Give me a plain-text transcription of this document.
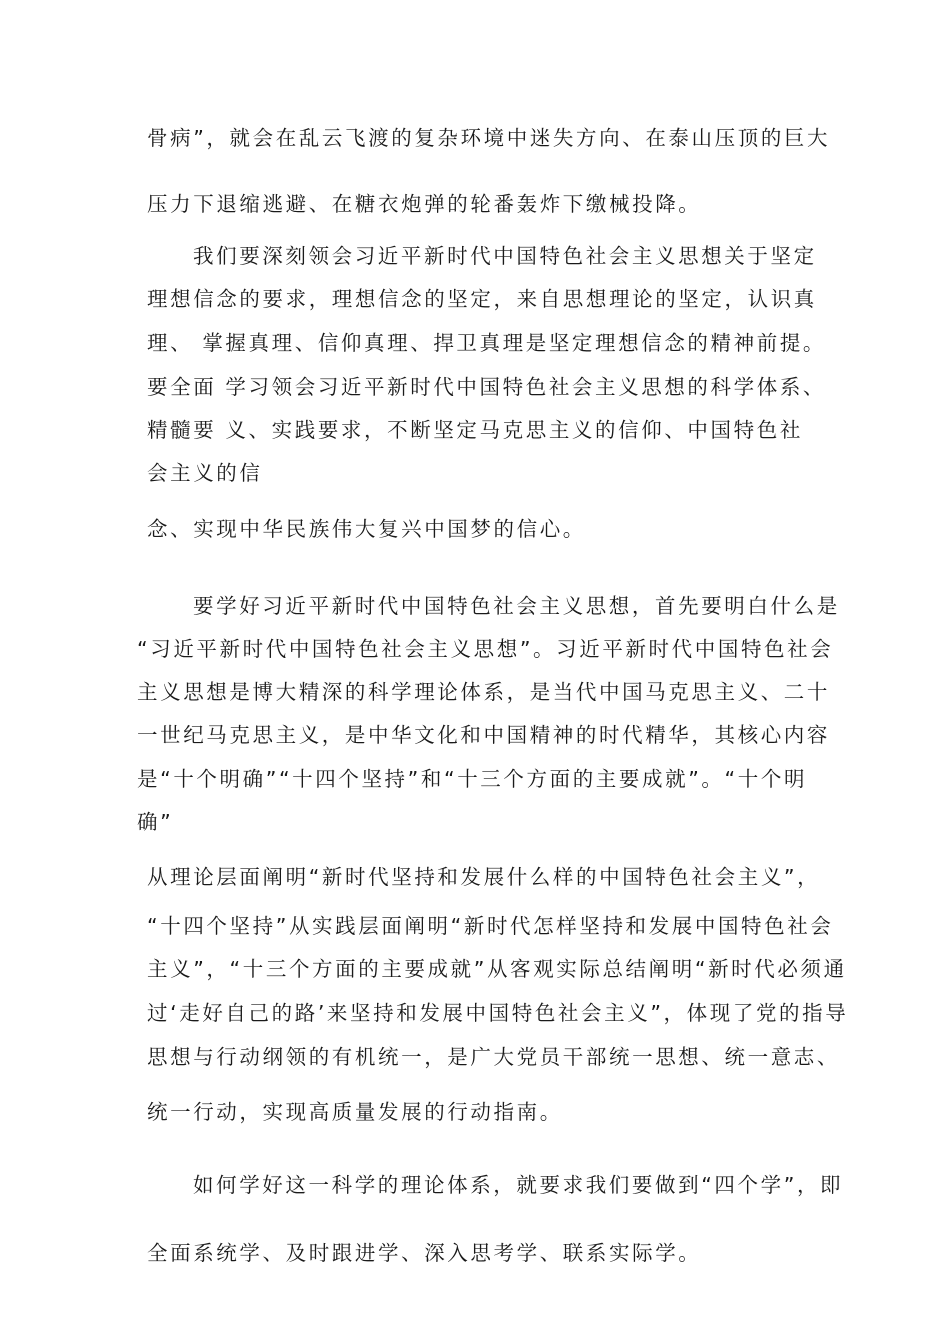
骨病”，就会在乱云飞渡的复杂环境中迷失方向、在泰山压顶的巨大
压力下退缩逃避、在糖衣炮弹的轮番轰炸下缴械投降。
我们要深刻领会习近平新时代中国特色社会主义思想关于坚定
理想信念的要求，理想信念的坚定，来自思想理论的坚定，认识真
理、 掌握真理、信仰真理、捍卫真理是坚定理想信念的精神前提。
要全面 学习领会习近平新时代中国特色社会主义思想的科学体系、
精髓要 义、实践要求，不断坚定马克思主义的信仰、中国特色社
会主义的信
念、实现中华民族伟大复兴中国梦的信心。
要学好习近平新时代中国特色社会主义思想，首先要明白什么是
“习近平新时代中国特色社会主义思想”。习近平新时代中国特色社会
主义思想是博大精深的科学理论体系，是当代中国马克思主义、二十
一世纪马克思主义，是中华文化和中国精神的时代精华，其核心内容
是“十个明确”“十四个坚持”和“十三个方面的主要成就”。“十个明
确”
从理论层面阐明“新时代坚持和发展什么样的中国特色社会主义”，
“十四个坚持”从实践层面阐明“新时代怎样坚持和发展中国特色社会
主义”，“十三个方面的主要成就”从客观实际总结阐明“新时代必须通
过‘走好自己的路’来坚持和发展中国特色社会主义”，体现了党的指导
思想与行动纲领的有机统一，是广大党员干部统一思想、统一意志、
统一行动，实现高质量发展的行动指南。
如何学好这一科学的理论体系，就要求我们要做到“四个学”，即
全面系统学、及时跟进学、深入思考学、联系实际学。
